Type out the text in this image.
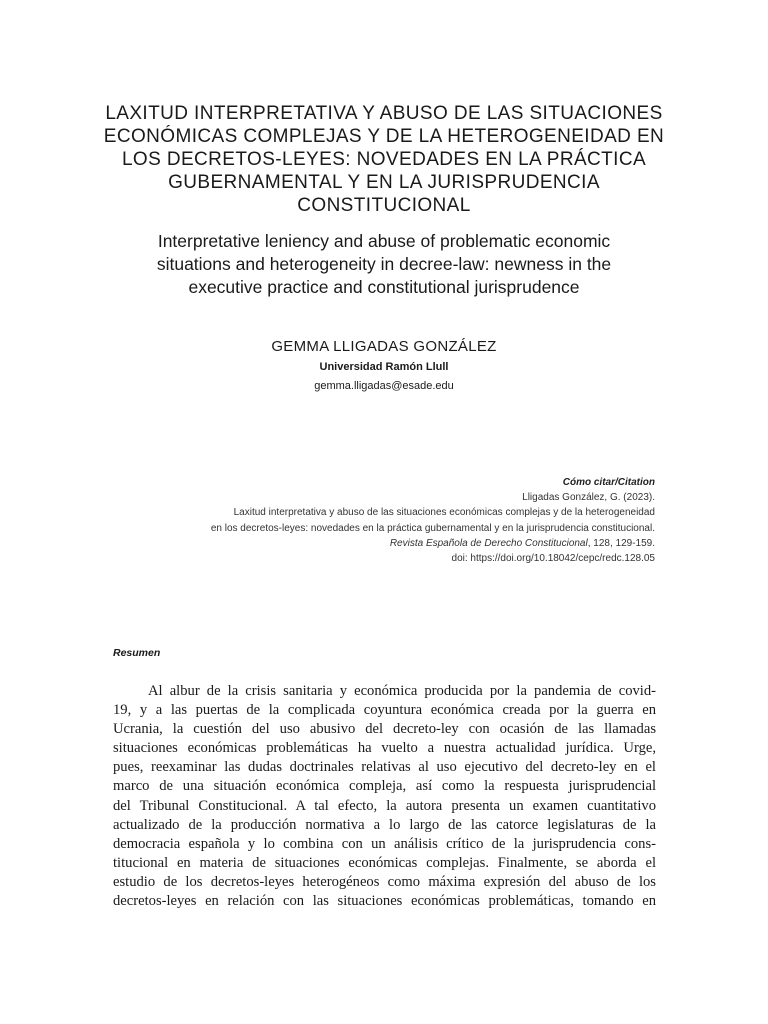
LAXITUD INTERPRETATIVA Y ABUSO DE LAS SITUACIONES
ECONÓMICAS COMPLEJAS Y DE LA HETEROGENEIDAD EN
LOS DECRETOS-LEYES: NOVEDADES EN LA PRÁCTICA
GUBERNAMENTAL Y EN LA JURISPRUDENCIA
CONSTITUCIONAL
Interpretative leniency and abuse of problematic economic
situations and heterogeneity in decree-law: newness in the
executive practice and constitutional jurisprudence
GEMMA LLIGADAS GONZÁLEZ
Universidad Ramón Llull
gemma.lligadas@esade.edu
Cómo citar/Citation
Lligadas González, G. (2023).
Laxitud interpretativa y abuso de las situaciones económicas complejas y de la heterogeneidad
en los decretos-leyes: novedades en la práctica gubernamental y en la jurisprudencia constitucional.
Revista Española de Derecho Constitucional, 128, 129-159.
doi: https://doi.org/10.18042/cepc/redc.128.05
Resumen
Al albur de la crisis sanitaria y económica producida por la pandemia de covid-
19, y a las puertas de la complicada coyuntura económica creada por la guerra en
Ucrania, la cuestión del uso abusivo del decreto-ley con ocasión de las llamadas
situaciones económicas problemáticas ha vuelto a nuestra actualidad jurídica. Urge,
pues, reexaminar las dudas doctrinales relativas al uso ejecutivo del decreto-ley en el
marco de una situación económica compleja, así como la respuesta jurisprudencial
del Tribunal Constitucional. A tal efecto, la autora presenta un examen cuantitativo
actualizado de la producción normativa a lo largo de las catorce legislaturas de la
democracia española y lo combina con un análisis crítico de la jurisprudencia cons-
titucional en materia de situaciones económicas complejas. Finalmente, se aborda el
estudio de los decretos-leyes heterogéneos como máxima expresión del abuso de los
decretos-leyes en relación con las situaciones económicas problemáticas, tomando en
